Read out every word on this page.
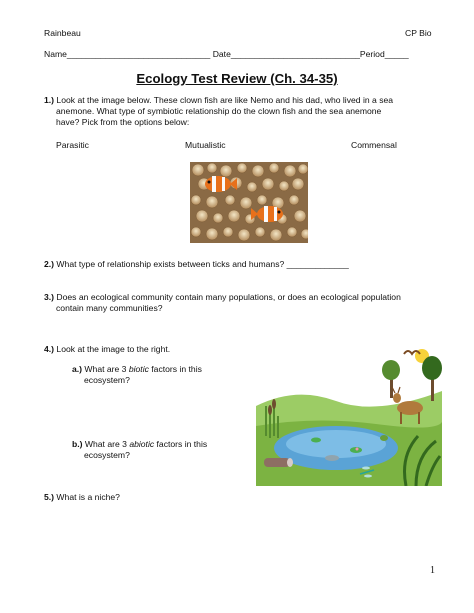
Rainbeau	CP Bio
Name______________________________ Date___________________________Period_____
Ecology Test Review (Ch. 34-35)
1.) Look at the image below. These clown fish are like Nemo and his dad, who lived in a sea
anemone. What type of symbiotic relationship do the clown fish and the sea anemone
have? Pick from the options below:
Parasitic	Mutualistic	Commensal
2.) What type of relationship exists between ticks and humans? _____________
3.) Does an ecological community contain many populations, or does an ecological population
contain many communities?
4.) Look at the image to the right.
a.) What are 3 biotic factors in this
ecosystem?
b.) What are 3 abiotic factors in this
ecosystem?
5.) What is a niche?
1
